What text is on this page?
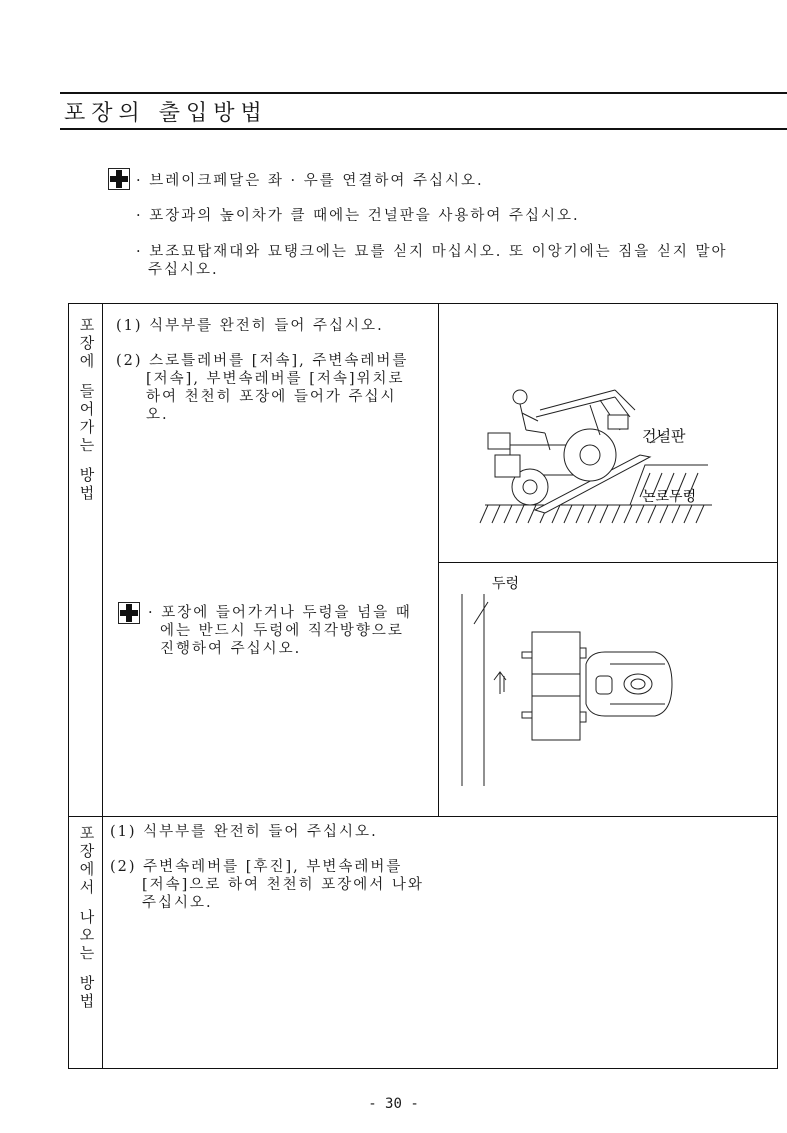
포장의 출입방법
· 브레이크페달은 좌 · 우를 연결하여 주십시오.
· 포장과의 높이차가 클 때에는 건널판을 사용하여 주십시오.
· 보조묘탑재대와 묘탱크에는 묘를 싣지 마십시오. 또 이앙기에는 짐을 싣지 말아
주십시오.
포
장
에
들
어
가
는
방
법
(1) 식부부를 완전히 들어 주십시오.
(2) 스로틀레버를 [저속], 주변속레버를
[저속], 부변속레버를 [저속]위치로
하여 천천히 포장에 들어가 주십시
오.
· 포장에 들어가거나 두렁을 넘을 때
에는 반드시 두렁에 직각방향으로
진행하여 주십시오.
건널판
논로두렁
두렁
포
장
에
서
나
오
는
방
법
(1) 식부부를 완전히 들어 주십시오.
(2) 주변속레버를 [후진], 부변속레버를
[저속]으로 하여 천천히 포장에서 나와
주십시오.
- 30 -
